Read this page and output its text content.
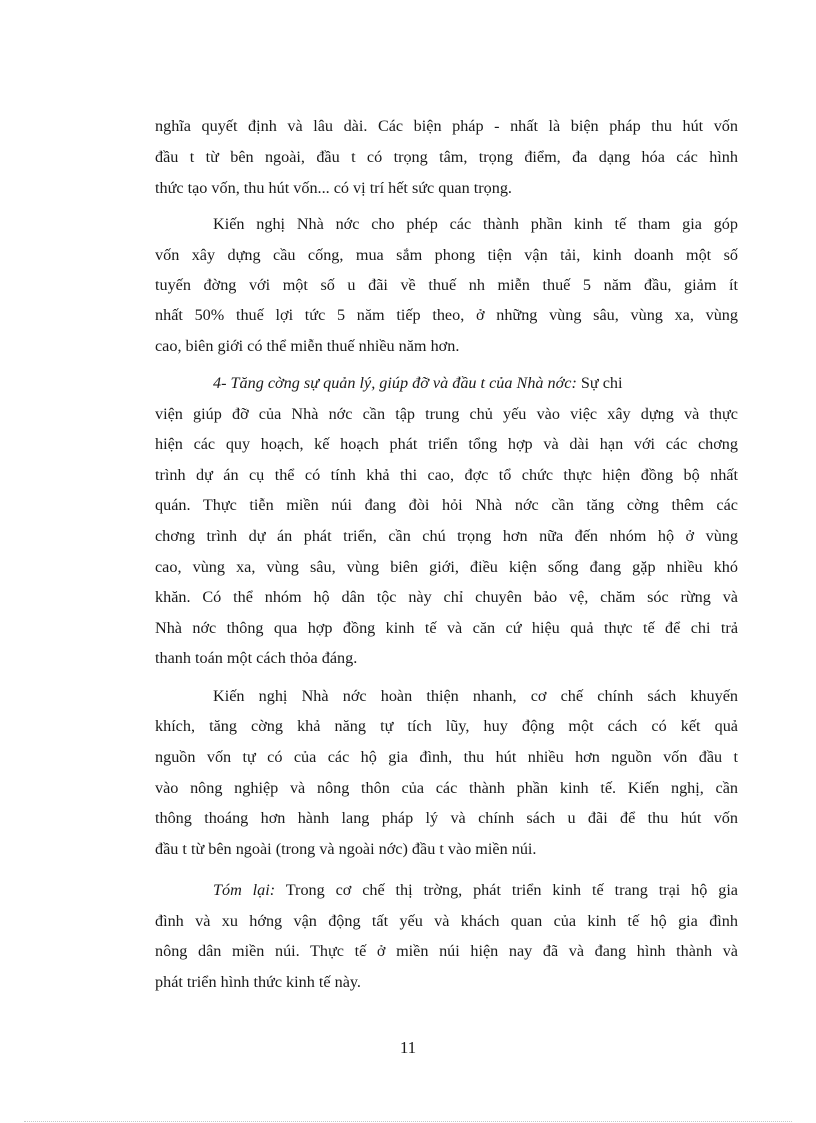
nghĩa quyết định và lâu dài. Các biện pháp - nhất là biện pháp thu hút vốn
đầu t từ bên ngoài, đầu t có trọng tâm, trọng điểm, đa dạng hóa các hình
thức tạo vốn, thu hút vốn... có vị trí hết sức quan trọng.
Kiến nghị Nhà nớc cho phép các thành phần kinh tế tham gia góp
vốn xây dựng cầu cống, mua sắm phong tiện vận tải, kinh doanh một số
tuyến đờng với một số u đãi về thuế nh miễn thuế 5 năm đầu, giảm ít
nhất 50% thuế lợi tức 5 năm tiếp theo, ở những vùng sâu, vùng xa, vùng
cao, biên giới có thể miễn thuế nhiều năm hơn.
4- Tăng cờng sự quản lý, giúp đỡ và đầu t của Nhà nớc: Sự chi
viện giúp đỡ của Nhà nớc cần tập trung chủ yếu vào việc xây dựng và thực
hiện các quy hoạch, kế hoạch phát triển tổng hợp và dài hạn với các chơng
trình dự án cụ thể có tính khả thi cao, đợc tổ chức thực hiện đồng bộ nhất
quán. Thực tiễn miền núi đang đòi hỏi Nhà nớc cần tăng cờng thêm các
chơng trình dự án phát triển, cần chú trọng hơn nữa đến nhóm hộ ở vùng
cao, vùng xa, vùng sâu, vùng biên giới, điều kiện sống đang gặp nhiều khó
khăn. Có thể nhóm hộ dân tộc này chỉ chuyên bảo vệ, chăm sóc rừng và
Nhà nớc thông qua hợp đồng kinh tế và căn cứ hiệu quả thực tế để chi trả
thanh toán một cách thỏa đáng.
Kiến nghị Nhà nớc hoàn thiện nhanh, cơ chế chính sách khuyến
khích, tăng cờng khả năng tự tích lũy, huy động một cách có kết quả
nguồn vốn tự có của các hộ gia đình, thu hút nhiều hơn nguồn vốn đầu t
vào nông nghiệp và nông thôn của các thành phần kinh tế. Kiến nghị, cần
thông thoáng hơn hành lang pháp lý và chính sách u đãi để thu hút vốn
đầu t từ bên ngoài (trong và ngoài nớc) đầu t vào miền núi.
Tóm lại: Trong cơ chế thị trờng, phát triển kinh tế trang trại hộ gia
đình và xu hớng vận động tất yếu và khách quan của kinh tế hộ gia đình
nông dân miền núi. Thực tế ở miền núi hiện nay đã và đang hình thành và
phát triển hình thức kinh tế này.
11
